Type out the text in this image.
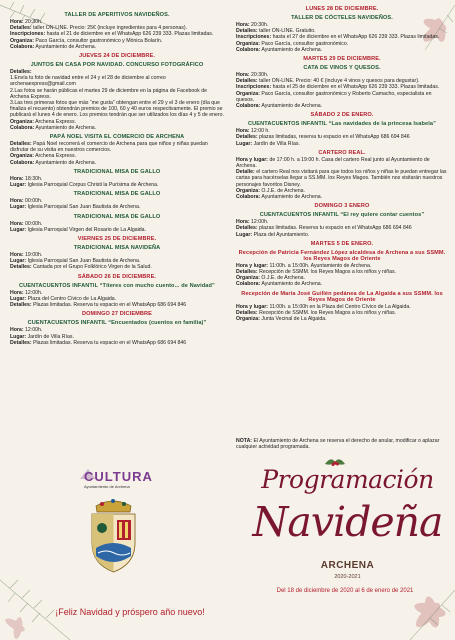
TALLER DE APERITIVOS NAVIDEÑOS.
Hora: 20:30h.
Detalles: taller ON-LINE. Precio: 25€ (incluye ingredientes para 4 personas).
Inscripciones: hasta el 21 de diciembre en el WhatsApp 626 239 333. Plazas limitadas.
Organiza: Paco García, consultor gastronómico y Mónica Bolarín.
Colabora: Ayuntamiento de Archena.
JUEVES 24 DE DICIEMBRE.
JUNTOS EN CASA POR NAVIDAD. CONCURSO FOTOGRÁFICO
Detalles:
1.Envía tu foto de navidad entre el 24 y el 28 de diciembre al correo archenaexpress@gmail.com
2.Las fotos se harán públicas el martes 29 de diciembre en la página de Facebook de Archena Express.
3.Las tres primeras fotos que más “me gusta” obtengan entre el 29 y el 3 de enero (día que finaliza el recuento) obtendrán premios de 100, 60 y 40 euros respectivamente. El premio se publicará el lunes 4 de enero. Los premios tendrán que ser utilizados los días 4 y 5 de enero.
Organiza: Archena Express.
Colabora: Ayuntamiento de Archena.
PAPÁ NOEL VISITA EL COMERCIO DE ARCHENA
Detalles: Papá Noel recorrerá el comercio de Archena para que niños y niñas puedan disfrutar de su visita en nuestros comercios.
Organiza: Archena Express.
Colabora: Ayuntamiento de Archena.
TRADICIONAL MISA DE GALLO
Hora: 18:30h.
Lugar: Iglesia Parroquial Corpus Christi la Purísima de Archena.
TRADICIONAL MISA DE GALLO
Hora: 00:00h.
Lugar: Iglesia Parroquial San Juan Bautista de Archena.
TRADICIONAL MISA DE GALLO
Hora: 00:00h.
Lugar: Iglesia Parroquial Virgen del Rosario de La Algaida.
VIERNES 25 DE DICIEMBRE.
TRADICIONAL MISA NAVIDEÑA
Hora: 19:00h.
Lugar: Iglesia Parroquial San Juan Bautista de Archena.
Detalles: Cantada por el Grupo Folklórico Virgen de la Salud.
SÁBADO 26 DE DICIEMBRE.
CUENTACUENTOS INFANTIL “Títeres con mucho cuento... de Navidad”
Hora: 12:00h.
Lugar: Plaza del Centro Cívico de La Algaida.
Detalles: Plazas limitadas. Reserva tu espacio en el WhatsApp 686 694 846
DOMINGO 27 DICIEMBRE
CUENTACUENTOS INFANTIL “Encuentados (cuentos en familia)”
Hora: 12:00h.
Lugar: Jardín de Villa Rías.
Detalles: Plazas limitadas. Reserva tu espacio en el WhatsApp 686 694 846
LUNES 28 DE DICIEMBRE.
TALLER DE CÓCTELES NAVIDEÑOS.
Hora: 20:30h.
Detalles: taller ON-LINE. Gratuito.
Inscripciones: hasta el 27 de diciembre en el WhatsApp 626 239 333. Plazas limitadas.
Organiza: Paco García, consultor gastronómico.
Colabora: Ayuntamiento de Archena.
MARTES 29 DE DICIEMBRE.
CATA DE VINOS Y QUESOS.
Hora: 20:30h.
Detalles: taller ON-LINE. Precio: 40 € (incluye 4 vinos y quesos para degustar).
Inscripciones: hasta el 25 de diciembre en el WhatsApp 626 239 333. Plazas limitadas.
Organiza: Paco García, consultor gastronómico y Roberto Camacho, especialista en quesos.
Colabora: Ayuntamiento de Archena.
SÁBADO 2 DE ENERO.
CUENTACUENTOS INFANTIL “Las navidades de la princesa Isabela”
Hora: 12:00 h.
Detalles: plazas limitadas, reserva tu espacio en el WhatsApp 686 694 846
Lugar: Jardín de Villa Rías.
CARTERO REAL.
Hora y lugar: de 17:00 h. a 19:00 h. Casa del cartero Real junto al Ayuntamiento de Archena.
Detalle: el cartero Real nos visitará para que todos los niños y niñas le puedan entregar las cartas para hacérselas llegar a SS.MM. los Reyes Magos. También nos visitarán nuestros personajes favoritos Disney.
Organiza: O.J.E. de Archena.
Colabora: Ayuntamiento de Archena.
DOMINGO 3 ENERO
CUENTACUENTOS INFANTIL “El rey quiere contar cuentos”
Hora: 12:00h.
Detalles: plazas limitadas. Reserva tu espacio en el WhatsApp 686 694 846
Lugar: Plaza del Ayuntamiento.
MARTES 5 DE ENERO.
Recepción de Patricia Fernández López alcaldesa de Archena a sus SSMM. los Reyes Magos de Oriente
Hora y lugar: 11:00h. a 15:00h. Ayuntamiento de Archena.
Detalles: Recepción de SSMM. los Reyes Magos a los niños y niñas.
Organiza: O.J.E. de Archena.
Colabora: Ayuntamiento de Archena.
Recepción de María José Guillén pedánea de La Algaida a sus SSMM. los Reyes Magos de Oriente
Hora y lugar: 11:00h. a 15:00h en la Plaza del Centro Cívico de La Algaida.
Detalles: Recepción de SSMM. los Reyes Magos a los niños y niñas.
Organiza: Junta Vecinal de La Algaida.
NOTA: El Ayuntamiento de Archena se reserva el derecho de anular, modificar o aplazar cualquier actividad programada.
Programación
Navideña
ARCHENA
2020-2021
Del 18 de diciembre de 2020 al 6 de enero de 2021
CULTURA
Ayuntamiento de Archena
¡Feliz Navidad y próspero año nuevo!
